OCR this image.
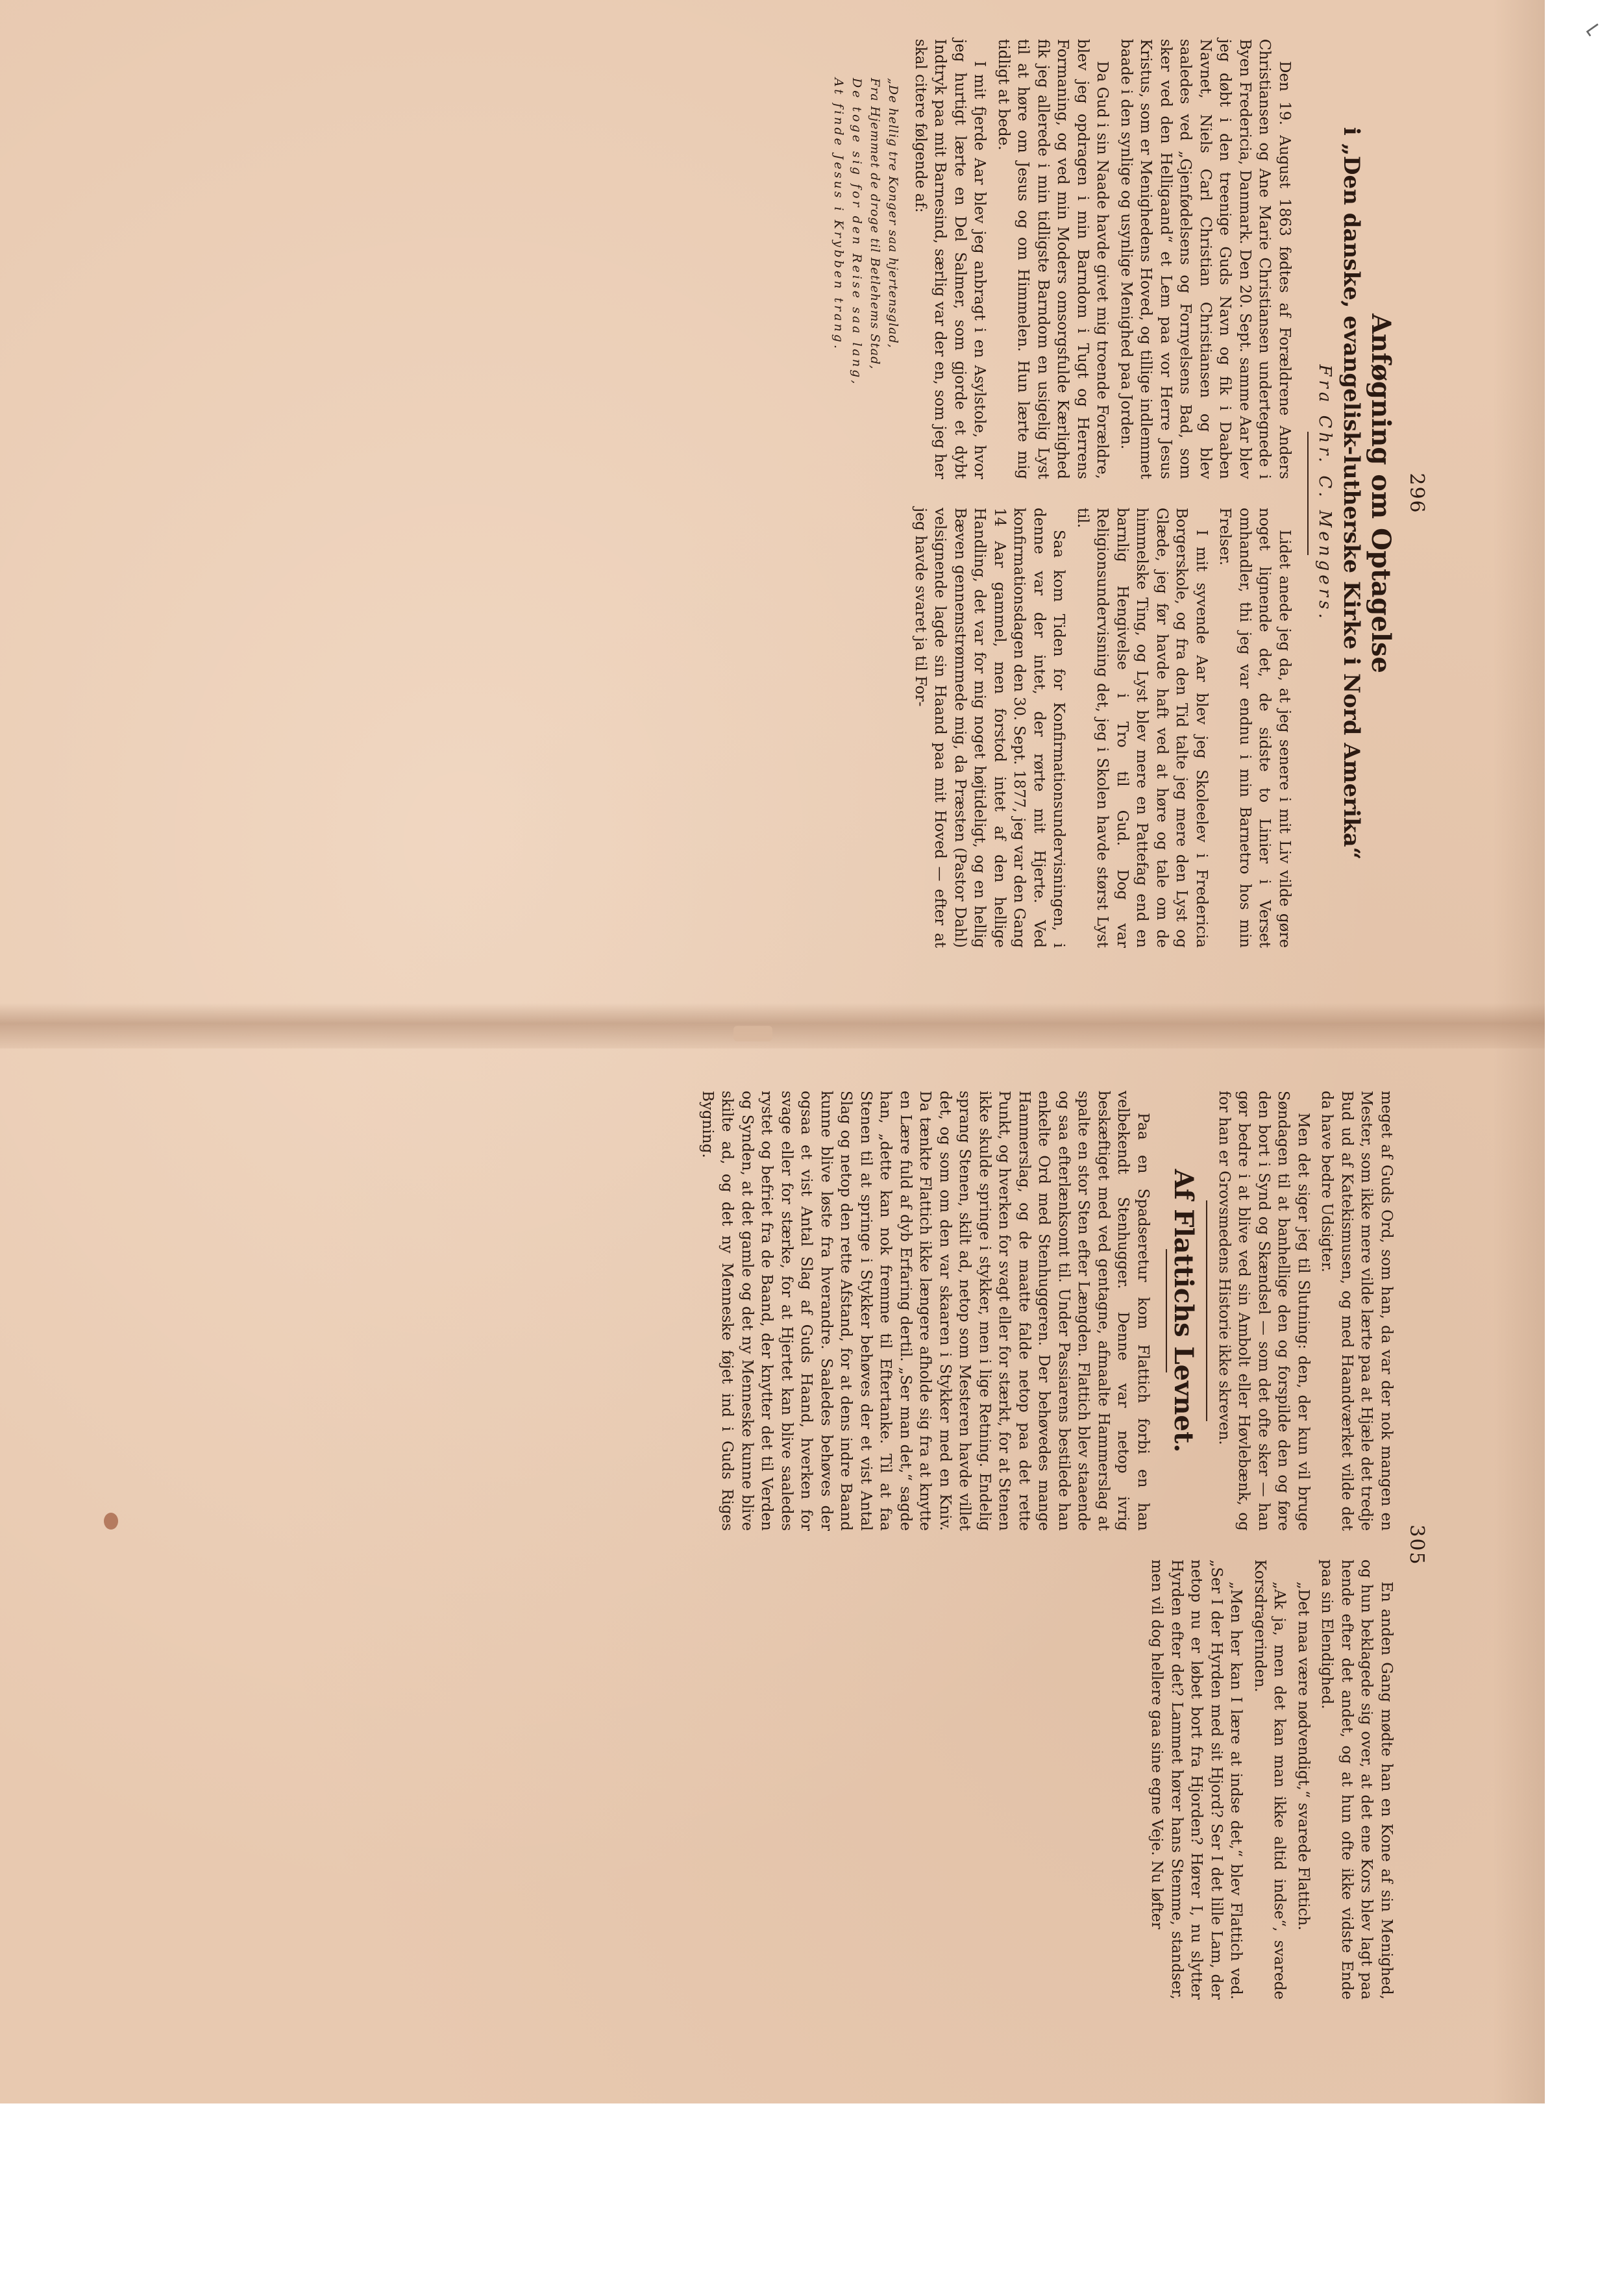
296
Anføgning om Optagelse
i „Den danske, evangelisk-lutherske Kirke i Nord Amerika“
Fra Chr. C. Mengers.

Den 19. August 1863 fødtes af Forældrene Anders Christiansen og Ane Marie Christiansen undertegnede i Byen Fredericia, Danmark. Den 20. Sept. samme Aar blev jeg døbt i den treenige Guds Navn og fik i Daaben Navnet, Niels Carl Christian Christiansen og blev saaledes ved „Gjenfødelsens og Fornyelsens Bad, som sker ved den Helligaand“ et Lem paa vor Herre Jesus Kristus, som er Menighedens Hoved, og tillige indlemmet baade i den synlige og usynlige Menighed paa Jorden.

Da Gud i sin Naade havde givet mig troende Forældre, blev jeg opdragen i min Barndom i Tugt og Herrens Formaning, og ved min Moders omsorgsfulde Kærlighed fik jeg allerede i min tidligste Barndom en usigelig Lyst til at høre om Jesus og om Himmelen. Hun lærte mig tidligt at bede.

I mit fjerde Aar blev jeg anbragt i en Asylstole, hvor jeg hurtigt lærte en Del Salmer, som gjorde et dybt Indtryk paa mit Barnesind, særlig var der en, som jeg her skal citere følgende af:

„De hellig tre Konger saa hjertensglad,
Fra Hjemmet de droge til Betlehems Stad,
De toge sig for den Reise saa lang,
At finde Jesus i Krybben trang.

Lidet anede jeg da, at jeg senere i mit Liv vilde gøre noget lignende det, de sidste to Linier i Verset omhandler, thi jeg var endnu i min Barnetro hos min Frelser.

I mit syvende Aar blev jeg Skoleelev i Fredericia Borgerskole, og fra den Tid talte jeg mere den Lyst og Glæde, jeg før havde haft ved at høre og tale om de himmelske Ting, og Lyst blev mere en Pattefag end en barnlig Hengivelse i Tro til Gud. Dog var Religionsundervisning det, jeg i Skolen havde størst Lyst til.

Saa kom Tiden for Konfirmationsundervisningen, i denne var der intet, der rørte mit Hjerte. Ved konfirmationsdagen den 30. Sept. 1877, jeg var den Gang 14 Aar gammel, men forstod intet af den hellige Handling, det var for mig noget højtideligt, og en hellig Bæven gennemstrømmede mig, da Præsten (Pastor Dahl) velsignende lagde sin Haand paa mit Hoved — efter at jeg havde svaret ja til For-

305

meget af Guds Ord, som han, da var der nok mangen en Mester, som ikke mere vilde lærte paa at Hjæle det tredje Bud ud af Katekismusen, og med Haandværket vilde det da have bedre Udsigter.

Men det siger jeg til Slutning: den, der kun vil bruge Søndagen til at banhellige den og forspilde den og føre den bort i Synd og Skændsel — som det ofte sker — han gør bedre i at blive ved sin Ambolt eller Høvlebænk, og for han er Grovsmedens Historie ikke skreven.

Af Flattichs Levnet.

Paa en Spadseretur kom Flattich forbi en han velbekendt Stenhugger. Denne var netop ivrig beskæftiget med ved gentagne, afmaalte Hammerslag at spalte en stor Sten efter Længden. Flattich blev staaende og saa efterlænksomt til. Under Passiarens bestilede han enkelte Ord med Stenhuggeren. Der behøvedes mange Hammerslag, og de maatte falde netop paa det rette Punkt, og hverken for svagt eller for stærkt, for at Stenen ikke skulde springe i stykker, men i lige Retning. Endelig sprang Stenen, skilt ad, netop som Mesteren havde villet det, og som om den var skaaren i Stykker med en Kniv. Da tænkte Flattich ikke længere afholde sig fra at knytte en Lære fuld af dyb Erfaring dertil. „Ser man det,“ sagde han, „dette kan nok fremme til Eftertanke. Til at faa Stenen til at springe i Stykker behøves der et vist Antal Slag og netop den rette Afstand, for at dens indre Baand kunne blive løste fra hverandre. Saaledes behøves der ogsaa et vist Antal Slag af Guds Haand, hverken for svage eller for stærke, for at Hjertet kan blive saaledes rystet og befriet fra de Baand, der knytter det til Verden og Synden, at det gamle og det ny Menneske kunne blive skilte ad, og det ny Menneske føjet ind i Guds Riges Bygning.

En anden Gang mødte han en Kone af sin Menighed, og hun beklagede sig over, at det ene Kors blev lagt paa hende efter det andet, og at hun ofte ikke vidste Ende paa sin Elendighed.

„Det maa være nødvendigt,“ svarede Flattich.

„Ak ja, men det kan man ikke altid indse“, svarede Korsdragerinden.

„Men her kan I lære at indse det,“ blev Flattich ved. „Ser I der Hyrden med sit Hjord? Ser I det lille Lam, der netop nu er løbet bort fra Hjorden? Hører I, nu slytter Hyrden efter det? Lammet hører hans Stemme, standser, men vil dog hellere gaa sine egne Veje. Nu løfter

⌐
